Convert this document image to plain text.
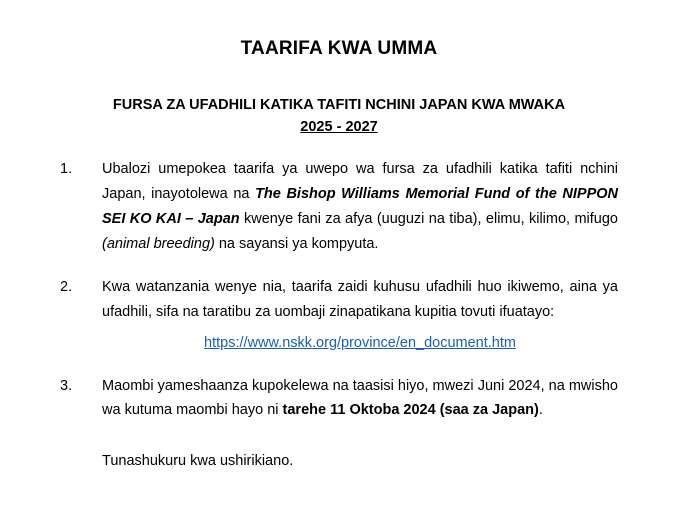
TAARIFA KWA UMMA
FURSA ZA UFADHILI KATIKA TAFITI NCHINI JAPAN KWA MWAKA
2025 - 2027
1.	Ubalozi umepokea taarifa ya uwepo wa fursa za ufadhili katika tafiti nchini Japan, inayotolewa na The Bishop Williams Memorial Fund of the NIPPON SEI KO KAI – Japan kwenye fani za afya (uuguzi na tiba), elimu, kilimo, mifugo (animal breeding) na sayansi ya kompyuta.
2.	Kwa watanzania wenye nia, taarifa zaidi kuhusu ufadhili huo ikiwemo, aina ya ufadhili, sifa na taratibu za uombaji zinapatikana kupitia tovuti ifuatayo:
https://www.nskk.org/province/en_document.htm
3.	Maombi yameshaanza kupokelewa na taasisi hiyo, mwezi Juni 2024, na mwisho wa kutuma maombi hayo ni tarehe 11 Oktoba 2024 (saa za Japan).
Tunashukuru kwa ushirikiano.
